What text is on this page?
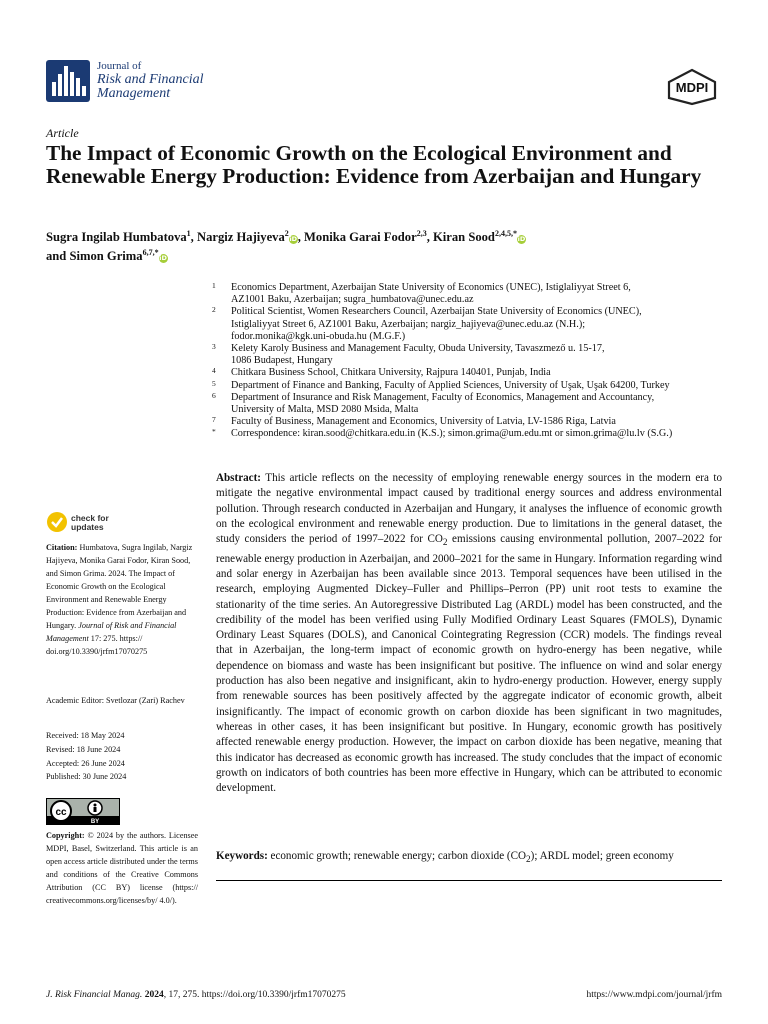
Journal of
Risk and Financial
Management	MDPI
Article
The Impact of Economic Growth on the Ecological Environment and Renewable Energy Production: Evidence from Azerbaijan and Hungary
Sugra Ingilab Humbatova$^1$, Nargiz Hajiyeva$^2$iD, Monika Garai Fodor$^{2,3}$, Kiran Sood$^{2,4,5,*}$iD
and Simon Grima$^{6,7,*}$iD
1 Economics Department, Azerbaijan State University of Economics (UNEC), Istiglaliyyat Street 6,
AZ1001 Baku, Azerbaijan; sugra_humbatova@unec.edu.az
2 Political Scientist, Women Researchers Council, Azerbaijan State University of Economics (UNEC),
Istiglaliyyat Street 6, AZ1001 Baku, Azerbaijan; nargiz_hajiyeva@unec.edu.az (N.H.);
fodor.monika@kgk.uni-obuda.hu (M.G.F.)
3 Kelety Karoly Business and Management Faculty, Obuda University, Tavaszmező u. 15-17,
1086 Budapest, Hungary
4 Chitkara Business School, Chitkara University, Rajpura 140401, Punjab, India
5 Department of Finance and Banking, Faculty of Applied Sciences, University of Uşak, Uşak 64200, Turkey
6 Department of Insurance and Risk Management, Faculty of Economics, Management and Accountancy,
University of Malta, MSD 2080 Msida, Malta
7 Faculty of Business, Management and Economics, University of Latvia, LV-1586 Riga, Latvia
* Correspondence: kiran.sood@chitkara.edu.in (K.S.); simon.grima@um.edu.mt or simon.grima@lu.lv (S.G.)
check for
updates
Citation: Humbatova, Sugra Ingilab, Nargiz Hajiyeva, Monika Garai Fodor, Kiran Sood, and Simon Grima. 2024. The Impact of Economic Growth on the Ecological Environment and Renewable Energy Production: Evidence from Azerbaijan and Hungary. Journal of Risk and Financial Management 17: 275. https:// doi.org/10.3390/jrfm17070275
Academic Editor: Svetlozar (Zari) Rachev
Received: 18 May 2024
Revised: 18 June 2024
Accepted: 26 June 2024
Published: 30 June 2024
cc
BY
Copyright: © 2024 by the authors. Licensee MDPI, Basel, Switzerland. This article is an open access article distributed under the terms and conditions of the Creative Commons Attribution (CC BY) license (https:// creativecommons.org/licenses/by/ 4.0/).
Abstract: This article reflects on the necessity of employing renewable energy sources in the modern era to mitigate the negative environmental impact caused by traditional energy sources and address environmental pollution. Through research conducted in Azerbaijan and Hungary, it analyses the influence of economic growth on the ecological environment and renewable energy production. Due to limitations in the general dataset, the study considers the period of 1997–2022 for $CO_2$ emissions causing environmental pollution, 2007–2022 for renewable energy production in Azerbaijan, and 2000–2021 for the same in Hungary. Information regarding wind and solar energy in Azerbaijan has been available since 2013. Temporal sequences have been utilised in the research, employing Augmented Dickey–Fuller and Phillips–Perron (PP) unit root tests to examine the stationarity of the time series. An Autoregressive Distributed Lag (ARDL) model has been constructed, and the credibility of the model has been verified using Fully Modified Ordinary Least Squares (FMOLS), Dynamic Ordinary Least Squares (DOLS), and Canonical Cointegrating Regression (CCR) models. The findings reveal that in Azerbaijan, the long-term impact of economic growth on hydro-energy has been negative, while dependence on biomass and waste has been insignificant but positive. The influence on wind and solar energy production has also been negative and insignificant, akin to hydro-energy production. However, energy supply from renewable sources has been positively affected by the aggregate indicator of economic growth, albeit insignificantly. The impact of economic growth on carbon dioxide has been significant in two magnitudes, whereas in other cases, it has been insignificant but positive. In Hungary, economic growth has positively affected renewable energy production. However, the impact on carbon dioxide has been negative, meaning that this indicator has decreased as economic growth has increased. The study concludes that the impact of economic growth on indicators of both countries has been more effective in Hungary, which can be attributed to economic development.
Keywords: economic growth; renewable energy; carbon dioxide $(CO_2)$; ARDL model; green economy
J. Risk Financial Manag. 2024, 17, 275. https://doi.org/10.3390/jrfm17070275	https://www.mdpi.com/journal/jrfm
